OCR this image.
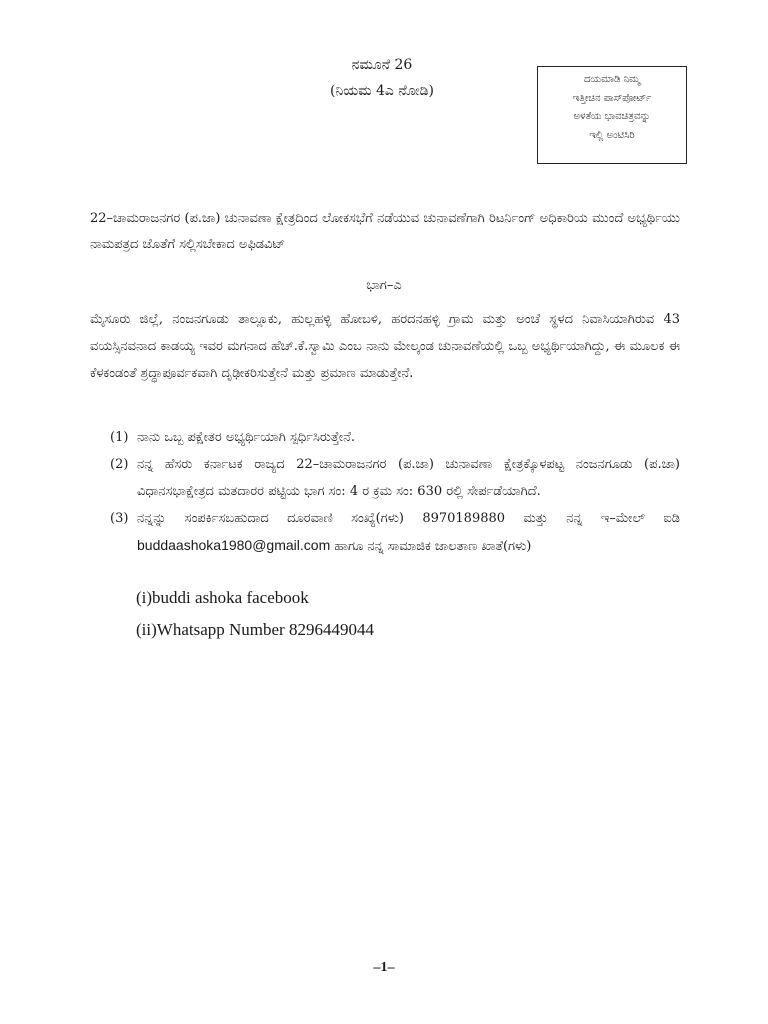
ನಮೂನೆ 26
(ನಿಯಮ 4ಎ ನೋಡಿ)
ದಯಮಾಡಿ ನಿಮ್ಮ
ಇತ್ತೀಚಿನ ಪಾಸ್‌ಪೋರ್ಟ್
ಅಳತೆಯ ಭಾವಚಿತ್ರವನ್ನು
ಇಲ್ಲಿ ಅಂಟಿಸಿರಿ
22–ಚಾಮರಾಜನಗರ (ಪ.ಜಾ) ಚುನಾವಣಾ ಕ್ಷೇತ್ರದಿಂದ ಲೋಕಸಭೆಗೆ ನಡೆಯುವ ಚುನಾವಣೆಗಾಗಿ ರಿಟರ್ನಿಂಗ್ ಅಧಿಕಾರಿಯ ಮುಂದೆ ಅಭ್ಯರ್ಥಿಯು ನಾಮಪತ್ರದ ಜೊತೆಗೆ ಸಲ್ಲಿಸಬೇಕಾದ ಅಫಿಡವಿಟ್
ಭಾಗ–ಎ
ಮೈಸೂರು ಜಿಲ್ಲೆ, ನಂಜನಗೂಡು ತಾಲ್ಲೂಕು, ಹುಲ್ಲಹಳ್ಳಿ ಹೋಬಳಿ, ಹರದನಹಳ್ಳಿ ಗ್ರಾಮ ಮತ್ತು ಅಂಚೆ ಸ್ಥಳದ ನಿವಾಸಿಯಾಗಿರುವ 43 ವಯಸ್ಸಿನವನಾದ ಕಾಡಯ್ಯ ಇವರ ಮಗನಾದ ಹೆಚ್.ಕೆ.ಸ್ವಾಮಿ ಎಂಬ ನಾನು ಮೇಲ್ಕಂಡ ಚುನಾವಣೆಯಲ್ಲಿ ಒಬ್ಬ ಅಭ್ಯರ್ಥಿಯಾಗಿದ್ದು, ಈ ಮೂಲಕ ಈ ಕೆಳಕಂಡಂತೆ ಶ್ರದ್ಧಾಪೂರ್ವಕವಾಗಿ ದೃಢೀಕರಿಸುತ್ತೇನೆ ಮತ್ತು ಪ್ರಮಾಣ ಮಾಡುತ್ತೇನೆ.
(1) ನಾನು ಒಬ್ಬ ಪಕ್ಷೇತರ ಅಭ್ಯರ್ಥಿಯಾಗಿ ಸ್ಪರ್ಧಿಸಿರುತ್ತೇನೆ.
(2) ನನ್ನ ಹೆಸರು ಕರ್ನಾಟಕ ರಾಜ್ಯದ 22–ಚಾಮರಾಜನಗರ (ಪ.ಜಾ) ಚುನಾವಣಾ ಕ್ಷೇತ್ರಕ್ಕೊಳಪಟ್ಟ ನಂಜನಗೂಡು (ಪ.ಜಾ) ವಿಧಾನಸಭಾಕ್ಷೇತ್ರದ ಮತದಾರರ ಪಟ್ಟಿಯ ಭಾಗ ಸಂ: 4 ರ ಕ್ರಮ ಸಂ: 630 ರಲ್ಲಿ ಸೇರ್ಪಡೆಯಾಗಿದೆ.
(3) ನನ್ನನ್ನು ಸಂಪರ್ಕಿಸಬಹುದಾದ ದೂರವಾಣಿ ಸಂಖ್ಯೆ(ಗಳು) 8970189880 ಮತ್ತು ನನ್ನ ಇ–ಮೇಲ್ ಐಡಿ buddaashoka1980@gmail.com ಹಾಗೂ ನನ್ನ ಸಾಮಾಜಿಕ ಜಾಲತಾಣ ಖಾತೆ(ಗಳು)
(i)buddi ashoka facebook
(ii)Whatsapp Number 8296449044
–1–
